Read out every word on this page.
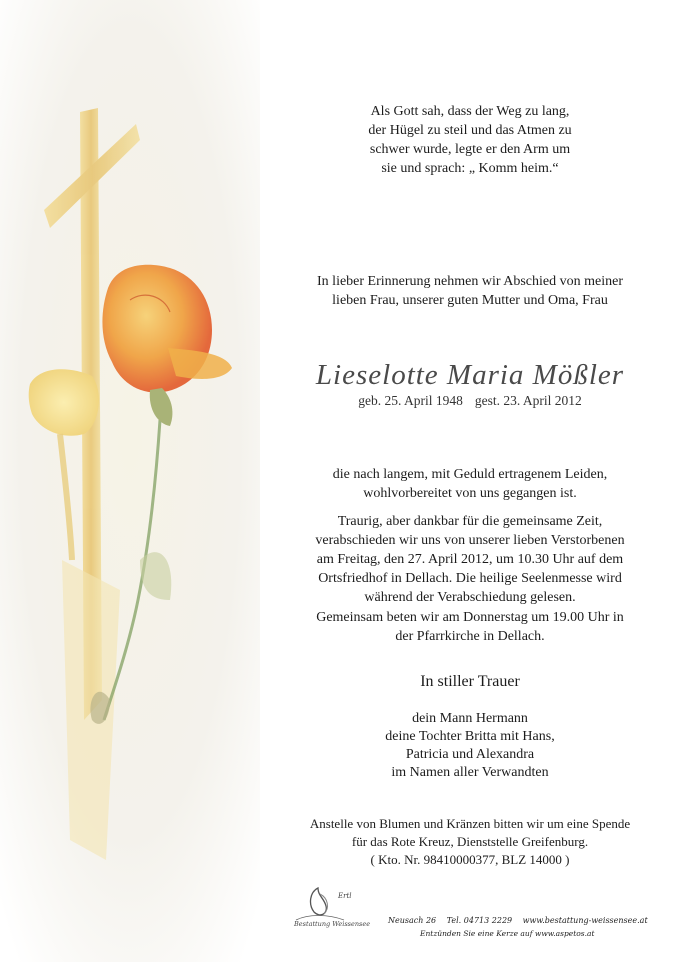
Als Gott sah, dass der Weg zu lang,
der Hügel zu steil und das Atmen zu
schwer wurde, legte er den Arm um
sie und sprach: „ Komm heim.“
In lieber Erinnerung nehmen wir Abschied von meiner
lieben Frau, unserer guten Mutter und Oma, Frau
Lieselotte Maria Mößler
geb. 25. April 1948 gest. 23. April 2012
die nach langem, mit Geduld ertragenem Leiden,
wohlvorbereitet von uns gegangen ist.
Traurig, aber dankbar für die gemeinsame Zeit,
verabschieden wir uns von unserer lieben Verstorbenen
am Freitag, den 27. April 2012, um 10.30 Uhr auf dem
Ortsfriedhof in Dellach. Die heilige Seelenmesse wird
während der Verabschiedung gelesen.
Gemeinsam beten wir am Donnerstag um 19.00 Uhr in
der Pfarrkirche in Dellach.
In stiller Trauer
dein Mann Hermann
deine Tochter Britta mit Hans,
Patricia und Alexandra
im Namen aller Verwandten
Anstelle von Blumen und Kränzen bitten wir um eine Spende
für das Rote Kreuz, Dienststelle Greifenburg.
( Kto. Nr. 98410000377, BLZ 14000 )
Ertl
Bestattung Weissensee Neusach 26 Tel. 04713 2229 www.bestattung-weissensee.at
Entzünden Sie eine Kerze auf www.aspetos.at
